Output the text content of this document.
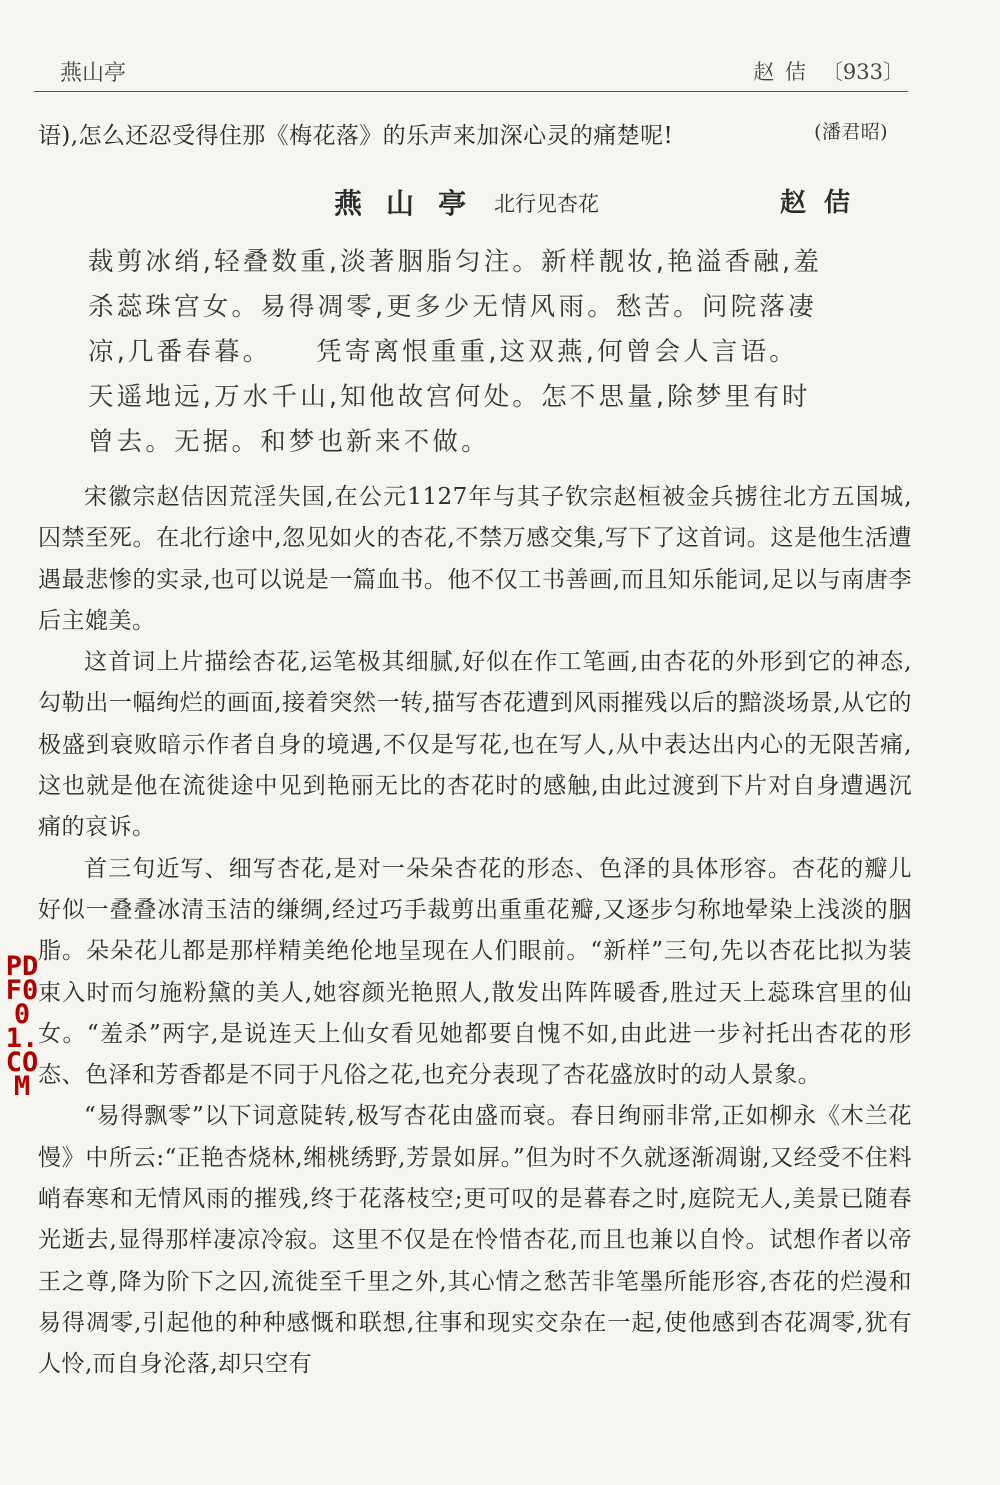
燕山亭	赵 佶 〔933〕
语),怎么还忍受得住那《梅花落》的乐声来加深心灵的痛楚呢!	(潘君昭)
燕山亭 北行见杏花	赵佶
裁剪冰绡,轻叠数重,淡著胭脂匀注。新样靓妆,艳溢香融,羞
杀蕊珠宫女。易得凋零,更多少无情风雨。愁苦。问院落凄
凉,几番春暮。　　凭寄离恨重重,这双燕,何曾会人言语。
天遥地远,万水千山,知他故宫何处。怎不思量,除梦里有时
曾去。无据。和梦也新来不做。

宋徽宗赵佶因荒淫失国,在公元1127年与其子钦宗赵桓被金兵掳往北方五国城,囚禁至死。在北行途中,忽见如火的杏花,不禁万感交集,写下了这首词。这是他生活遭遇最悲惨的实录,也可以说是一篇血书。他不仅工书善画,而且知乐能词,足以与南唐李后主媲美。

这首词上片描绘杏花,运笔极其细腻,好似在作工笔画,由杏花的外形到它的神态,勾勒出一幅绚烂的画面,接着突然一转,描写杏花遭到风雨摧残以后的黯淡场景,从它的极盛到衰败暗示作者自身的境遇,不仅是写花,也在写人,从中表达出内心的无限苦痛,这也就是他在流徙途中见到艳丽无比的杏花时的感触,由此过渡到下片对自身遭遇沉痛的哀诉。

首三句近写、细写杏花,是对一朵朵杏花的形态、色泽的具体形容。杏花的瓣儿好似一叠叠冰清玉洁的缣绸,经过巧手裁剪出重重花瓣,又逐步匀称地晕染上浅淡的胭脂。朵朵花儿都是那样精美绝伦地呈现在人们眼前。“新样”三句,先以杏花比拟为装束入时而匀施粉黛的美人,她容颜光艳照人,散发出阵阵暖香,胜过天上蕊珠宫里的仙女。“羞杀”两字,是说连天上仙女看见她都要自愧不如,由此进一步衬托出杏花的形态、色泽和芳香都是不同于凡俗之花,也充分表现了杏花盛放时的动人景象。

“易得飘零”以下词意陡转,极写杏花由盛而衰。春日绚丽非常,正如柳永《木兰花慢》中所云:“正艳杏烧林,缃桃绣野,芳景如屏。”但为时不久就逐渐凋谢,又经受不住料峭春寒和无情风雨的摧残,终于花落枝空;更可叹的是暮春之时,庭院无人,美景已随春光逝去,显得那样凄凉冷寂。这里不仅是在怜惜杏花,而且也兼以自怜。试想作者以帝王之尊,降为阶下之囚,流徙至千里之外,其心情之愁苦非笔墨所能形容,杏花的烂漫和易得凋零,引起他的种种感慨和联想,往事和现实交杂在一起,使他感到杏花凋零,犹有人怜,而自身沦落,却只空有

PDF001.COM
